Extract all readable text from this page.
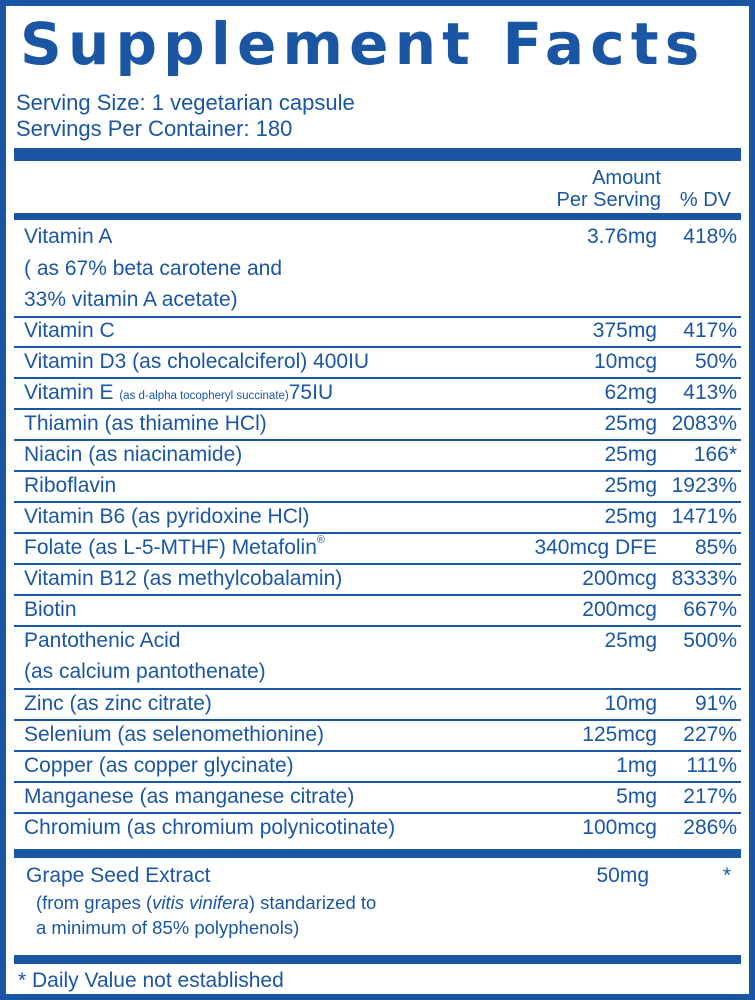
Supplement Facts
Serving Size: 1 vegetarian capsule
Servings Per Container: 180
Amount
Per Serving % DV
Vitamin A	3.76mg 418%
( as 67% beta carotene and
33% vitamin A acetate)
Vitamin C	375mg 417%
Vitamin D3 (as cholecalciferol) 400IU	10mcg 50%
Vitamin E (as d-alpha tocopheryl succinate)75IU	62mg 413%
Thiamin (as thiamine HCl)	25mg 2083%
Niacin (as niacinamide)	25mg 166*
Riboflavin	25mg 1923%
Vitamin B6 (as pyridoxine HCl)	25mg 1471%
Folate (as L-5-MTHF) Metafolin®	340mcg DFE 85%
Vitamin B12 (as methylcobalamin)	200mcg 8333%
Biotin	200mcg 667%
Pantothenic Acid	25mg 500%
(as calcium pantothenate)
Zinc (as zinc citrate)	10mg 91%
Selenium (as selenomethionine)	125mcg 227%
Copper (as copper glycinate)	1mg 111%
Manganese (as manganese citrate)	5mg 217%
Chromium (as chromium polynicotinate)	100mcg 286%
Grape Seed Extract	50mg	*
(from grapes (vitis vinifera) standarized to
a minimum of 85% polyphenols)
* Daily Value not established
